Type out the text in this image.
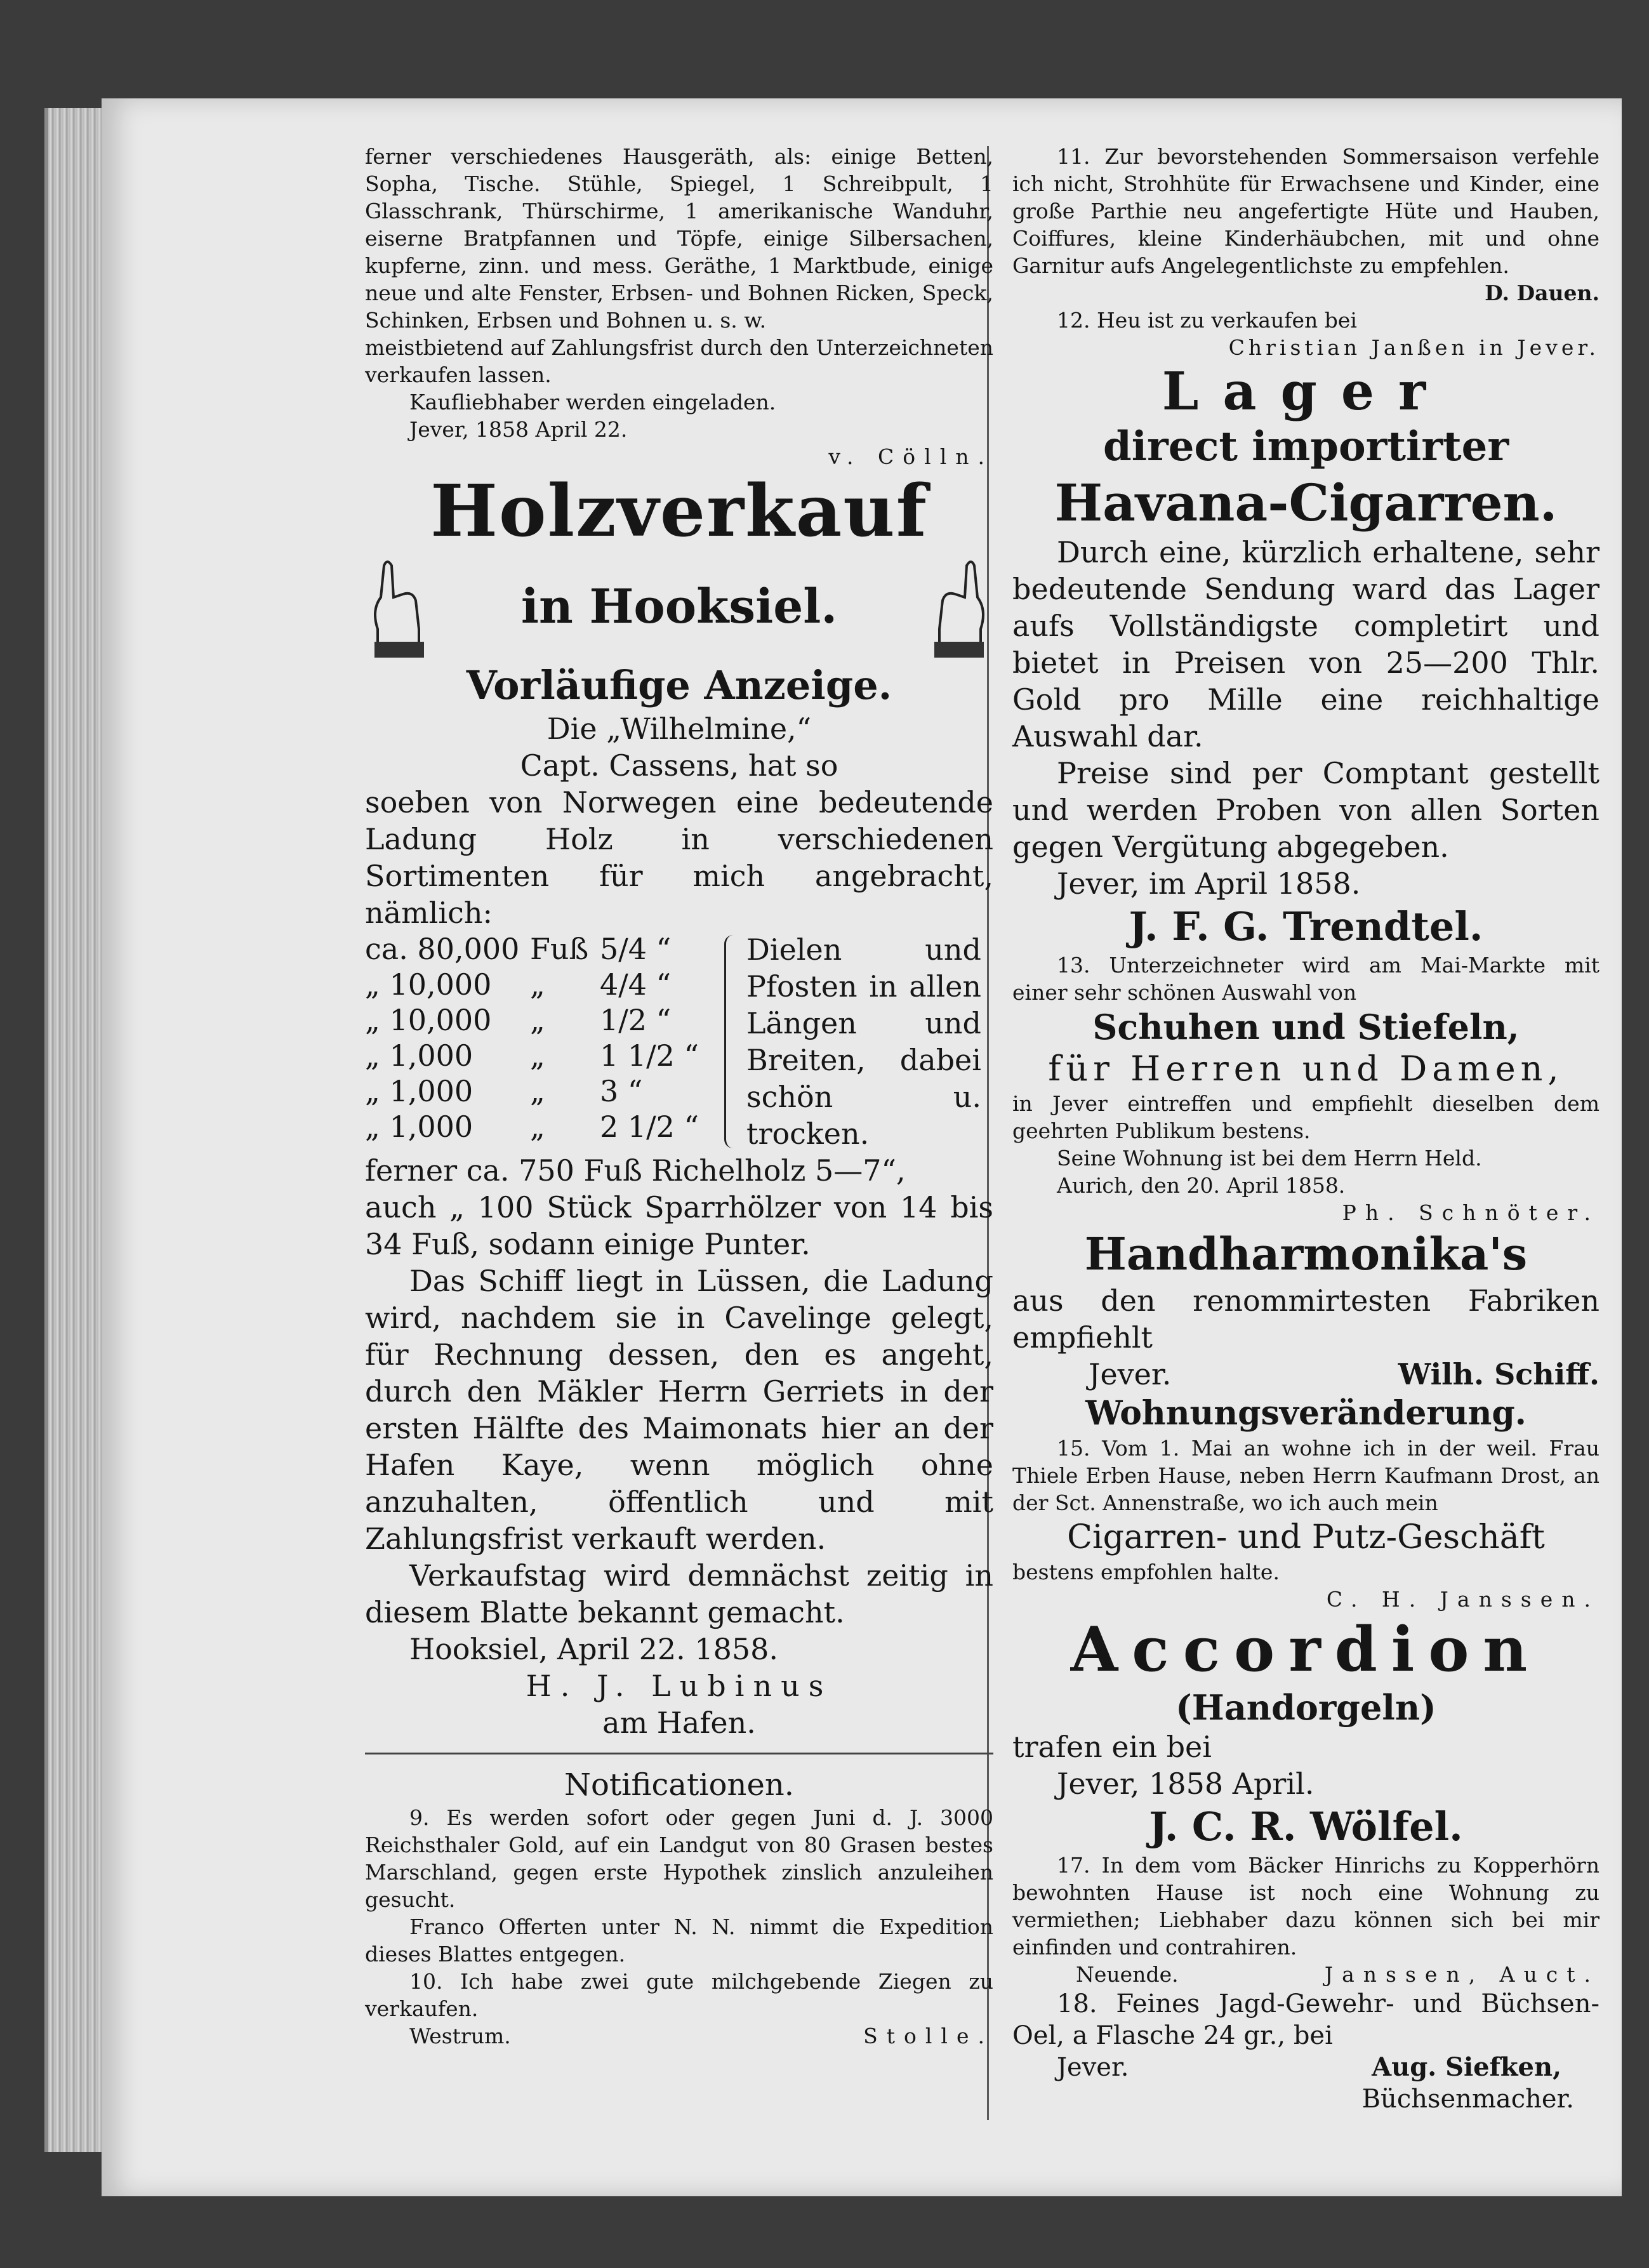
ferner verschiedenes Hausgeräth, als: einige Betten, Sopha, Tische. Stühle, Spiegel, 1 Schreibpult, 1 Glasschrank, Thürschirme, 1 amerikanische Wanduhr, eiserne Bratpfannen und Töpfe, einige Silbersachen, kupferne, zinn. und mess. Geräthe, 1 Marktbude, einige neue und alte Fenster, Erbsen- und Bohnen Ricken, Speck, Schinken, Erbsen und Bohnen u. s. w.

meistbietend auf Zahlungsfrist durch den Unterzeichneten verkaufen lassen.

Kaufliebhaber werden eingeladen.

Jever, 1858 April 22.

v. Cölln.

Holzverkauf
in Hooksiel.
Vorläufige Anzeige.

Die „Wilhelmine,“

Capt. Cassens, hat so

soeben von Norwegen eine bedeutende Ladung Holz in verschiedenen Sortimenten für mich angebracht, nämlich:

ca. 80,000 Fuß 5/4 “
„ 10,000	„	4/4 “
„ 10,000	„	1/2 “
„ 1,000	„	1 1/2 “
„ 1,000	„	3 “
„ 1,000	„	2 1/2 “

Dielen und Pfosten in allen Längen und Breiten, dabei schön u. trocken.

ferner ca. 750 Fuß Richelholz 5—7“,

auch „ 100 Stück Sparrhölzer von 14 bis 34 Fuß, sodann einige Punter.

Das Schiff liegt in Lüssen, die Ladung wird, nachdem sie in Cavelinge gelegt, für Rechnung dessen, den es angeht, durch den Mäkler Herrn Gerriets in der ersten Hälfte des Maimonats hier an der Hafen Kaye, wenn möglich ohne anzuhalten, öffentlich und mit Zahlungsfrist verkauft werden.

Verkaufstag wird demnächst zeitig in diesem Blatte bekannt gemacht.

Hooksiel, April 22. 1858.

H. J. Lubinus

am Hafen.

Notificationen.

9. Es werden sofort oder gegen Juni d. J. 3000 Reichsthaler Gold, auf ein Landgut von 80 Grasen bestes Marschland, gegen erste Hypothek zinslich anzuleihen gesucht.

Franco Offerten unter N. N. nimmt die Expedition dieses Blattes entgegen.

10. Ich habe zwei gute milchgebende Ziegen zu verkaufen.

Westrum.	Stolle.

11. Zur bevorstehenden Sommersaison verfehle ich nicht, Strohhüte für Erwachsene und Kinder, eine große Parthie neu angefertigte Hüte und Hauben, Coiffures, kleine Kinderhäubchen, mit und ohne Garnitur aufs Angelegentlichste zu empfehlen.

D. Dauen.

12. Heu ist zu verkaufen bei

Christian Janßen in Jever.

Lager
direct importirter
Havana-Cigarren.

Durch eine, kürzlich erhaltene, sehr bedeutende Sendung ward das Lager aufs Vollständigste completirt und bietet in Preisen von 25—200 Thlr. Gold pro Mille eine reichhaltige Auswahl dar.

Preise sind per Comptant gestellt und werden Proben von allen Sorten gegen Vergütung abgegeben.

Jever, im April 1858.

J. F. G. Trendtel.

13. Unterzeichneter wird am Mai-Markte mit einer sehr schönen Auswahl von

Schuhen und Stiefeln,

für Herren und Damen,

in Jever eintreffen und empfiehlt dieselben dem geehrten Publikum bestens.

Seine Wohnung ist bei dem Herrn Held.

Aurich, den 20. April 1858.

Ph. Schnöter.

Handharmonika's

aus den renommirtesten Fabriken empfiehlt

Jever.	Wilh. Schiff.
Wohnungsveränderung.

15. Vom 1. Mai an wohne ich in der weil. Frau Thiele Erben Hause, neben Herrn Kaufmann Drost, an der Sct. Annenstraße, wo ich auch mein

Cigarren- und Putz-Geschäft

bestens empfohlen halte.

C. H. Janssen.

Accordion
(Handorgeln)

trafen ein bei

Jever, 1858 April.

J. C. R. Wölfel.

17. In dem vom Bäcker Hinrichs zu Kopperhörn bewohnten Hause ist noch eine Wohnung zu vermiethen; Liebhaber dazu können sich bei mir einfinden und contrahiren.

Neuende.	Janssen, Auct.

18. Feines Jagd-Gewehr- und Büchsen-Oel, a Flasche 24 gr., bei

Jever.	Aug. Siefken,

Büchsenmacher.
